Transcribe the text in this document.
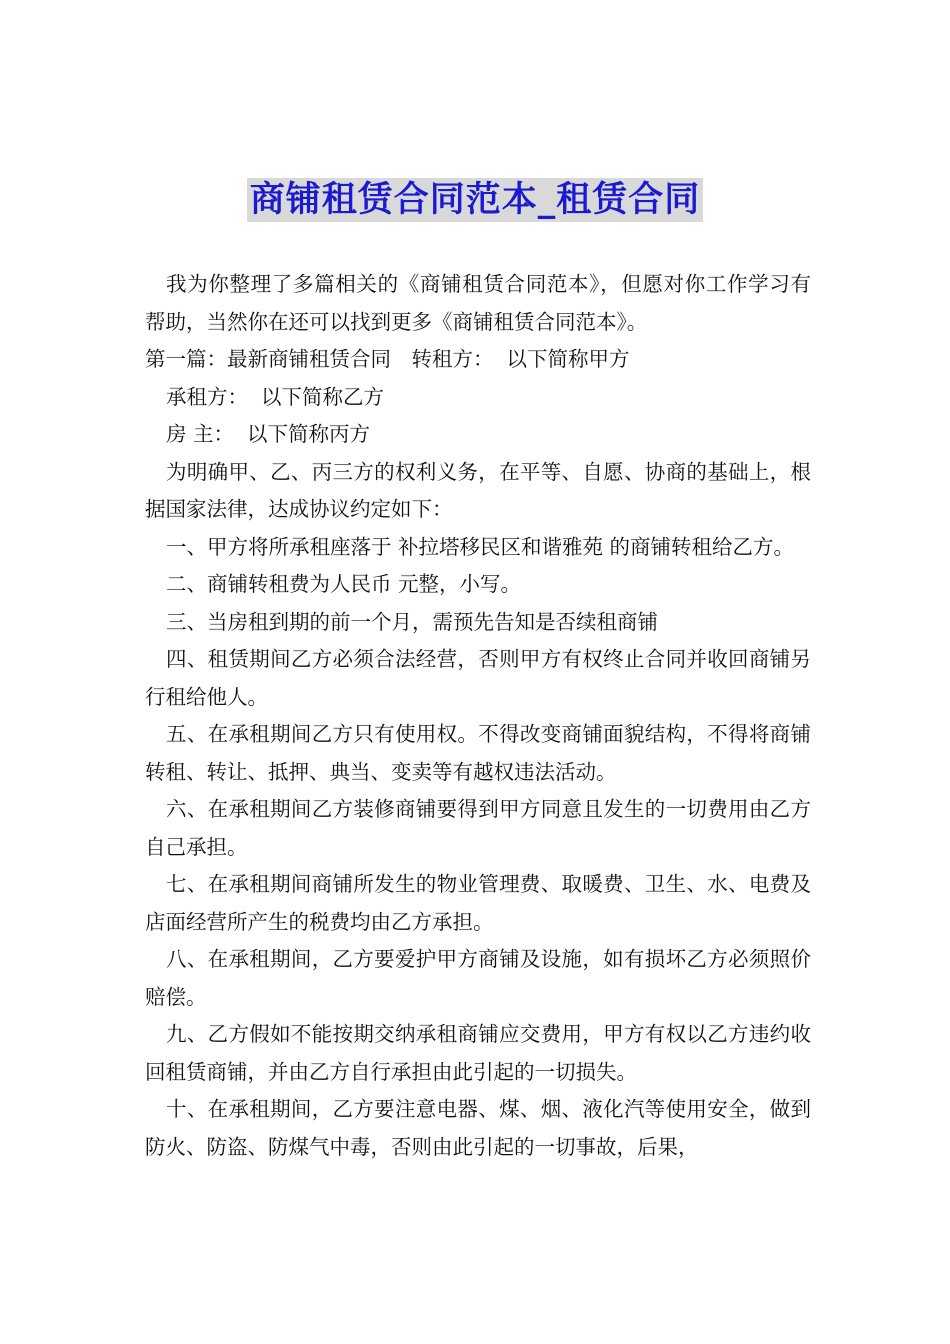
商铺租赁合同范本_租赁合同

我为你整理了多篇相关的《商铺租赁合同范本》，但愿对你工作学习有帮助，当然你在还可以找到更多《商铺租赁合同范本》。

第一篇：最新商铺租赁合同　转租方：  以下简称甲方

承租方：  以下简称乙方

房 主：  以下简称丙方

为明确甲、乙、丙三方的权利义务，在平等、自愿、协商的基础上，根据国家法律，达成协议约定如下：

一、甲方将所承租座落于 补拉塔移民区和谐雅苑 的商铺转租给乙方。

二、商铺转租费为人民币 元整，小写。

三、当房租到期的前一个月，需预先告知是否续租商铺

四、租赁期间乙方必须合法经营，否则甲方有权终止合同并收回商铺另行租给他人。

五、在承租期间乙方只有使用权。不得改变商铺面貌结构，不得将商铺转租、转让、抵押、典当、变卖等有越权违法活动。

六、在承租期间乙方装修商铺要得到甲方同意且发生的一切费用由乙方自己承担。

七、在承租期间商铺所发生的物业管理费、取暖费、卫生、水、电费及店面经营所产生的税费均由乙方承担。

八、在承租期间，乙方要爱护甲方商铺及设施，如有损坏乙方必须照价赔偿。

九、乙方假如不能按期交纳承租商铺应交费用，甲方有权以乙方违约收回租赁商铺，并由乙方自行承担由此引起的一切损失。

十、在承租期间，乙方要注意电器、煤、烟、液化汽等使用安全，做到防火、防盗、防煤气中毒，否则由此引起的一切事故，后果，
